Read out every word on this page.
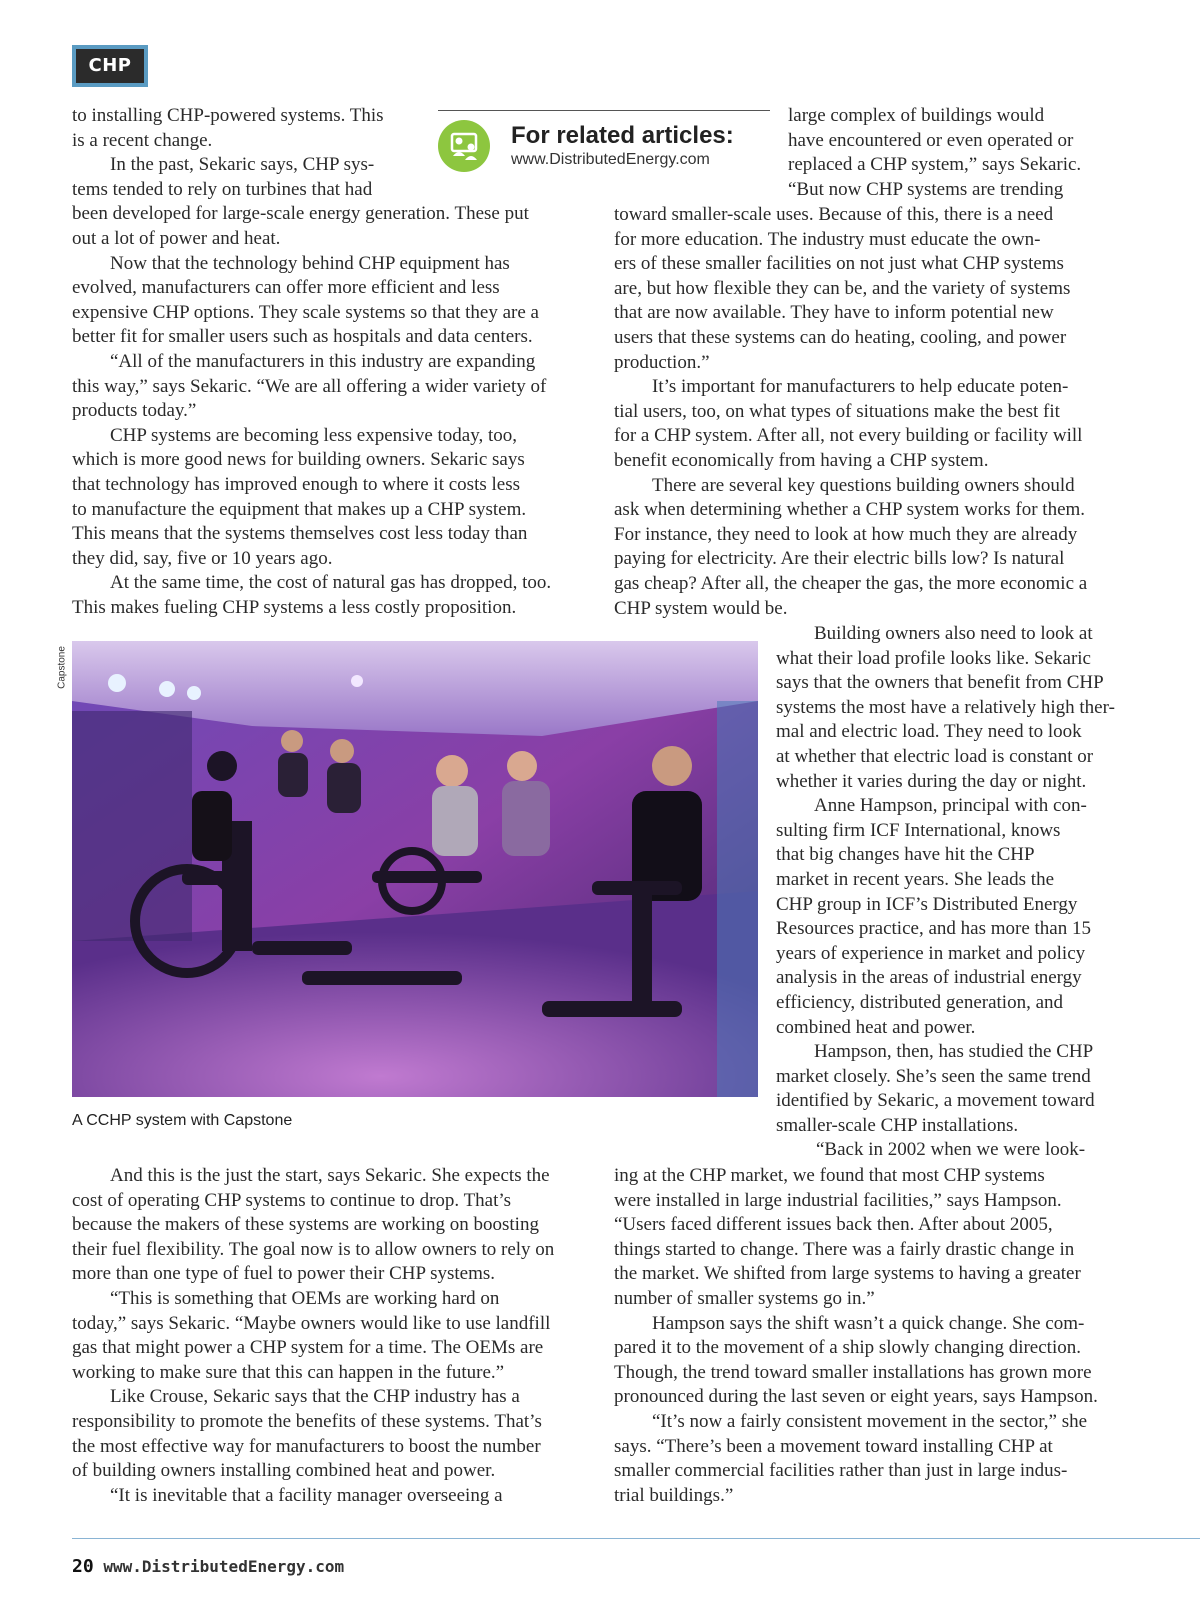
CHP
to installing CHP-powered systems. This
is a recent change.
In the past, Sekaric says, CHP sys-
tems tended to rely on turbines that had
been developed for large-scale energy generation. These put
out a lot of power and heat.
Now that the technology behind CHP equipment has
evolved, manufacturers can offer more efficient and less
expensive CHP options. They scale systems so that they are a
better fit for smaller users such as hospitals and data centers.
“All of the manufacturers in this industry are expanding
this way,” says Sekaric. “We are all offering a wider variety of
products today.”
CHP systems are becoming less expensive today, too,
which is more good news for building owners. Sekaric says
that technology has improved enough to where it costs less
to manufacture the equipment that makes up a CHP system.
This means that the systems themselves cost less today than
they did, say, five or 10 years ago.
At the same time, the cost of natural gas has dropped, too.
This makes fueling CHP systems a less costly proposition.
For related articles:
www.DistributedEnergy.com
large complex of buildings would
have encountered or even operated or
replaced a CHP system,” says Sekaric.
“But now CHP systems are trending
toward smaller-scale uses. Because of this, there is a need
for more education. The industry must educate the own-
ers of these smaller facilities on not just what CHP systems
are, but how flexible they can be, and the variety of systems
that are now available. They have to inform potential new
users that these systems can do heating, cooling, and power
production.”
It’s important for manufacturers to help educate poten-
tial users, too, on what types of situations make the best fit
for a CHP system. After all, not every building or facility will
benefit economically from having a CHP system.
There are several key questions building owners should
ask when determining whether a CHP system works for them.
For instance, they need to look at how much they are already
paying for electricity. Are their electric bills low? Is natural
gas cheap? After all, the cheaper the gas, the more economic a
CHP system would be.
Capstone
A CCHP system with Capstone
Building owners also need to look at
what their load profile looks like. Sekaric
says that the owners that benefit from CHP
systems the most have a relatively high ther-
mal and electric load. They need to look
at whether that electric load is constant or
whether it varies during the day or night.
Anne Hampson, principal with con-
sulting firm ICF International, knows
that big changes have hit the CHP
market in recent years. She leads the
CHP group in ICF’s Distributed Energy
Resources practice, and has more than 15
years of experience in market and policy
analysis in the areas of industrial energy
efficiency, distributed generation, and
combined heat and power.
Hampson, then, has studied the CHP
market closely. She’s seen the same trend
identified by Sekaric, a movement toward
smaller-scale CHP installations.
“Back in 2002 when we were look-
And this is the just the start, says Sekaric. She expects the
cost of operating CHP systems to continue to drop. That’s
because the makers of these systems are working on boosting
their fuel flexibility. The goal now is to allow owners to rely on
more than one type of fuel to power their CHP systems.
“This is something that OEMs are working hard on
today,” says Sekaric. “Maybe owners would like to use landfill
gas that might power a CHP system for a time. The OEMs are
working to make sure that this can happen in the future.”
Like Crouse, Sekaric says that the CHP industry has a
responsibility to promote the benefits of these systems. That’s
the most effective way for manufacturers to boost the number
of building owners installing combined heat and power.
“It is inevitable that a facility manager overseeing a
ing at the CHP market, we found that most CHP systems
were installed in large industrial facilities,” says Hampson.
“Users faced different issues back then. After about 2005,
things started to change. There was a fairly drastic change in
the market. We shifted from large systems to having a greater
number of smaller systems go in.”
Hampson says the shift wasn’t a quick change. She com-
pared it to the movement of a ship slowly changing direction.
Though, the trend toward smaller installations has grown more
pronounced during the last seven or eight years, says Hampson.
“It’s now a fairly consistent movement in the sector,” she
says. “There’s been a movement toward installing CHP at
smaller commercial facilities rather than just in large indus-
trial buildings.”
20 www.DistributedEnergy.com
